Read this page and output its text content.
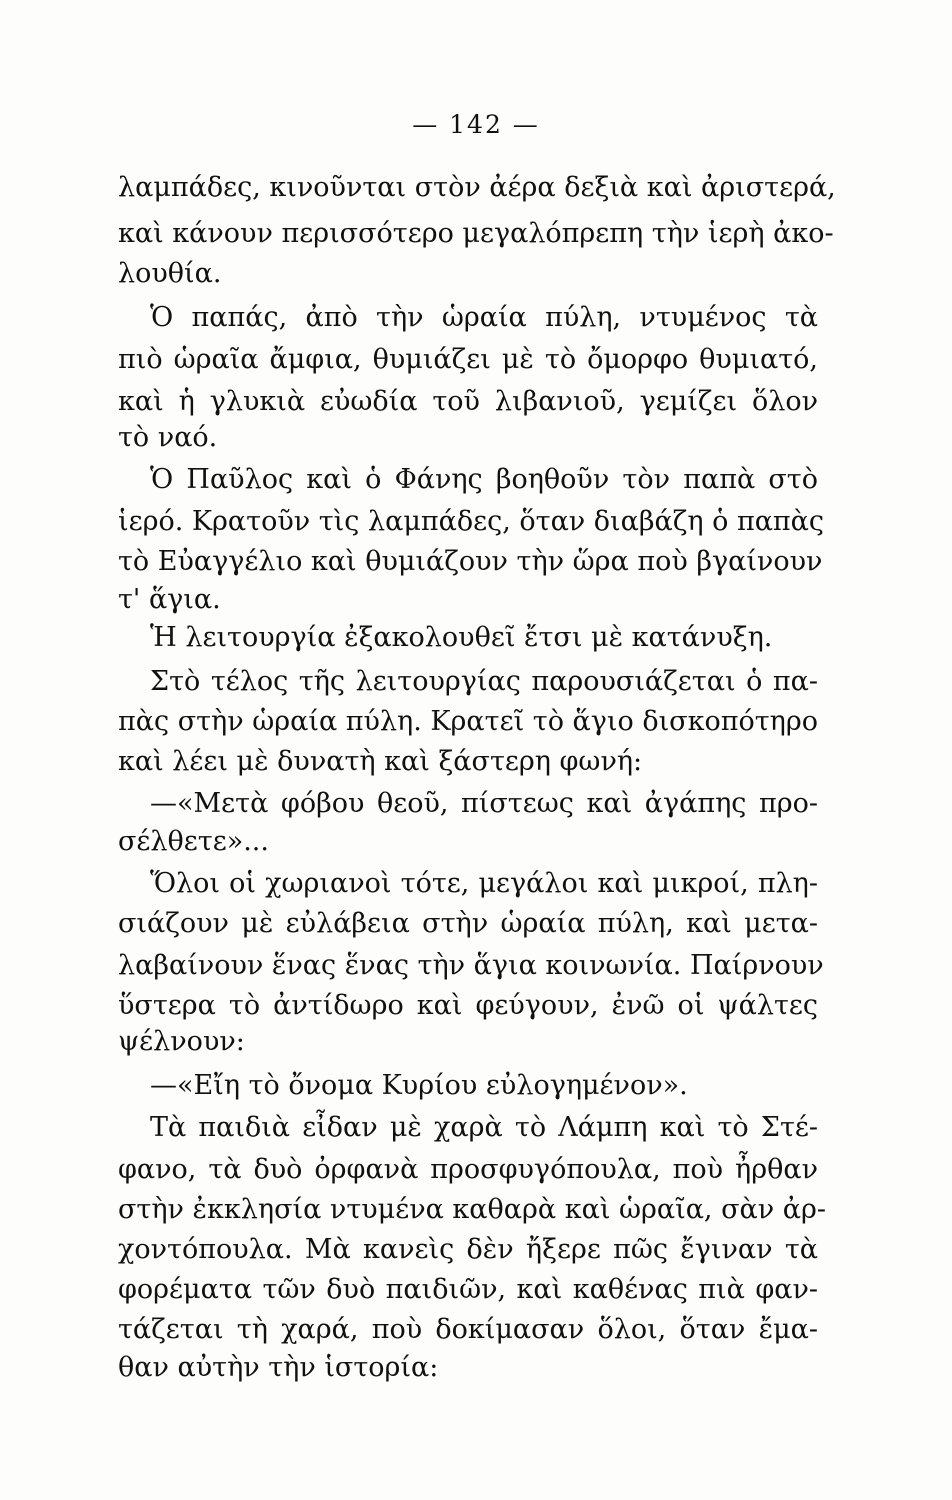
— 142 —
λαμπάδες, κινοῦνται στὸν ἀέρα δεξιὰ καὶ ἀριστερά,
καὶ κάνουν περισσότερο μεγαλόπρεπη τὴν ἱερὴ ἀκο-
λουθία.
Ὁ παπάς, ἀπὸ τὴν ὡραία πύλη, ντυμένος τὰ
πιὸ ὡραῖα ἄμφια, θυμιάζει μὲ τὸ ὄμορφο θυμιατό,
καὶ ἡ γλυκιὰ εὐωδία τοῦ λιβανιοῦ, γεμίζει ὅλον
τὸ ναό.
Ὁ Παῦλος καὶ ὁ Φάνης βοηθοῦν τὸν παπὰ στὸ
ἱερό. Κρατοῦν τὶς λαμπάδες, ὅταν διαβάζη ὁ παπὰς
τὸ Εὐαγγέλιο καὶ θυμιάζουν τὴν ὥρα ποὺ βγαίνουν
τ' ἅγια.
Ἡ λειτουργία ἐξακολουθεῖ ἔτσι μὲ κατάνυξη.
Στὸ τέλος τῆς λειτουργίας παρουσιάζεται ὁ πα-
πὰς στὴν ὡραία πύλη. Κρατεῖ τὸ ἅγιο δισκοπότηρο
καὶ λέει μὲ δυνατὴ καὶ ξάστερη φωνή:
—«Μετὰ φόβου θεοῦ, πίστεως καὶ ἀγάπης προ-
σέλθετε»...
Ὅλοι οἱ χωριανοὶ τότε, μεγάλοι καὶ μικροί, πλη-
σιάζουν μὲ εὐλάβεια στὴν ὡραία πύλη, καὶ μετα-
λαβαίνουν ἕνας ἕνας τὴν ἅγια κοινωνία. Παίρνουν
ὕστερα τὸ ἀντίδωρο καὶ φεύγουν, ἐνῶ οἱ ψάλτες
ψέλνουν:
—«Εἴη τὸ ὄνομα Κυρίου εὐλογημένον».
Τὰ παιδιὰ εἶδαν μὲ χαρὰ τὸ Λάμπη καὶ τὸ Στέ-
φανο, τὰ δυὸ ὀρφανὰ προσφυγόπουλα, ποὺ ἦρθαν
στὴν ἐκκλησία ντυμένα καθαρὰ καὶ ὡραῖα, σὰν ἀρ-
χοντόπουλα. Μὰ κανεὶς δὲν ἤξερε πῶς ἔγιναν τὰ
φορέματα τῶν δυὸ παιδιῶν, καὶ καθένας πιὰ φαν-
τάζεται τὴ χαρά, ποὺ δοκίμασαν ὅλοι, ὅταν ἔμα-
θαν αὐτὴν τὴν ἱστορία:
